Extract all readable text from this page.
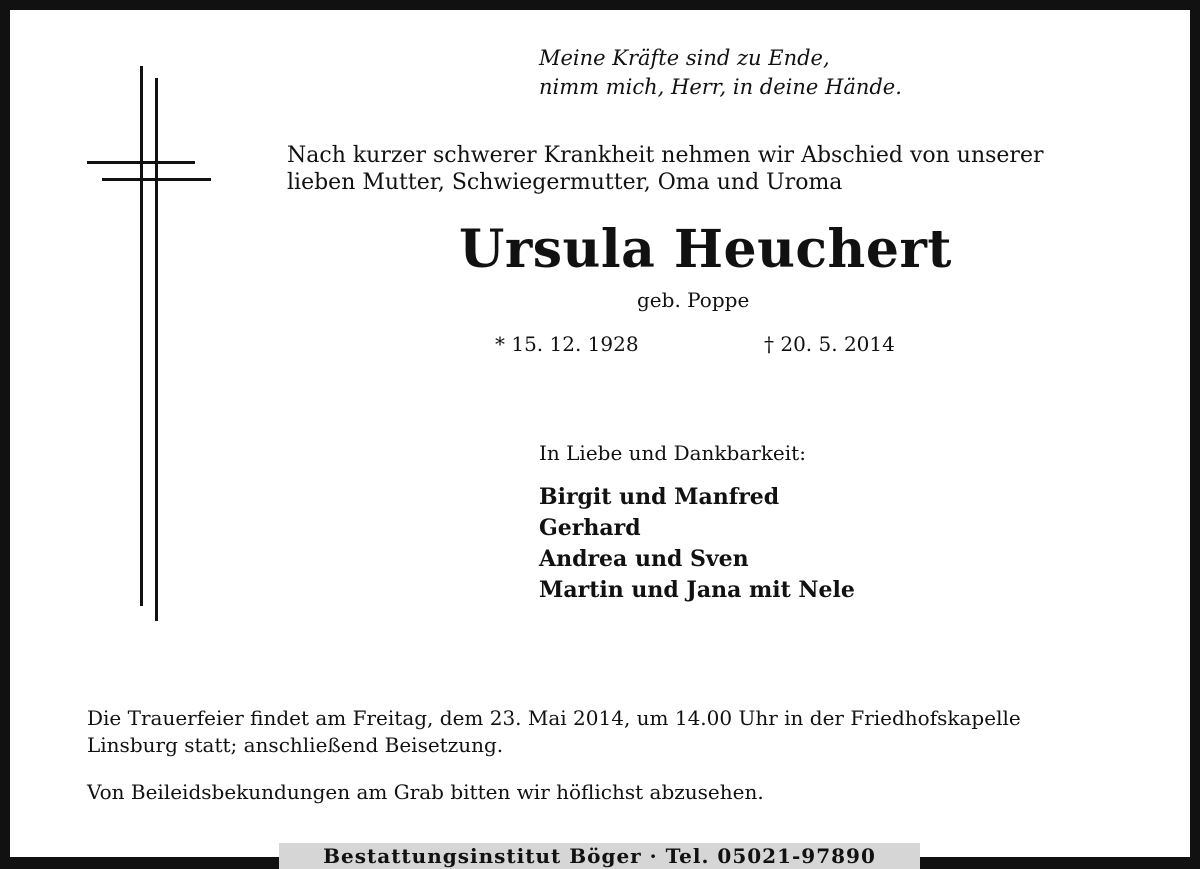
Meine Kräfte sind zu Ende,
nimm mich, Herr, in deine Hände.
Nach kurzer schwerer Krankheit nehmen wir Abschied von unserer
lieben Mutter, Schwiegermutter, Oma und Uroma
Ursula Heuchert
geb. Poppe
* 15. 12. 1928	† 20. 5. 2014
In Liebe und Dankbarkeit:
Birgit und Manfred
Gerhard
Andrea und Sven
Martin und Jana mit Nele
Die Trauerfeier findet am Freitag, dem 23. Mai 2014, um 14.00 Uhr in der Friedhofskapelle
Linsburg statt; anschließend Beisetzung.
Von Beileidsbekundungen am Grab bitten wir höflichst abzusehen.
Bestattungsinstitut Böger · Tel. 05021-97890
